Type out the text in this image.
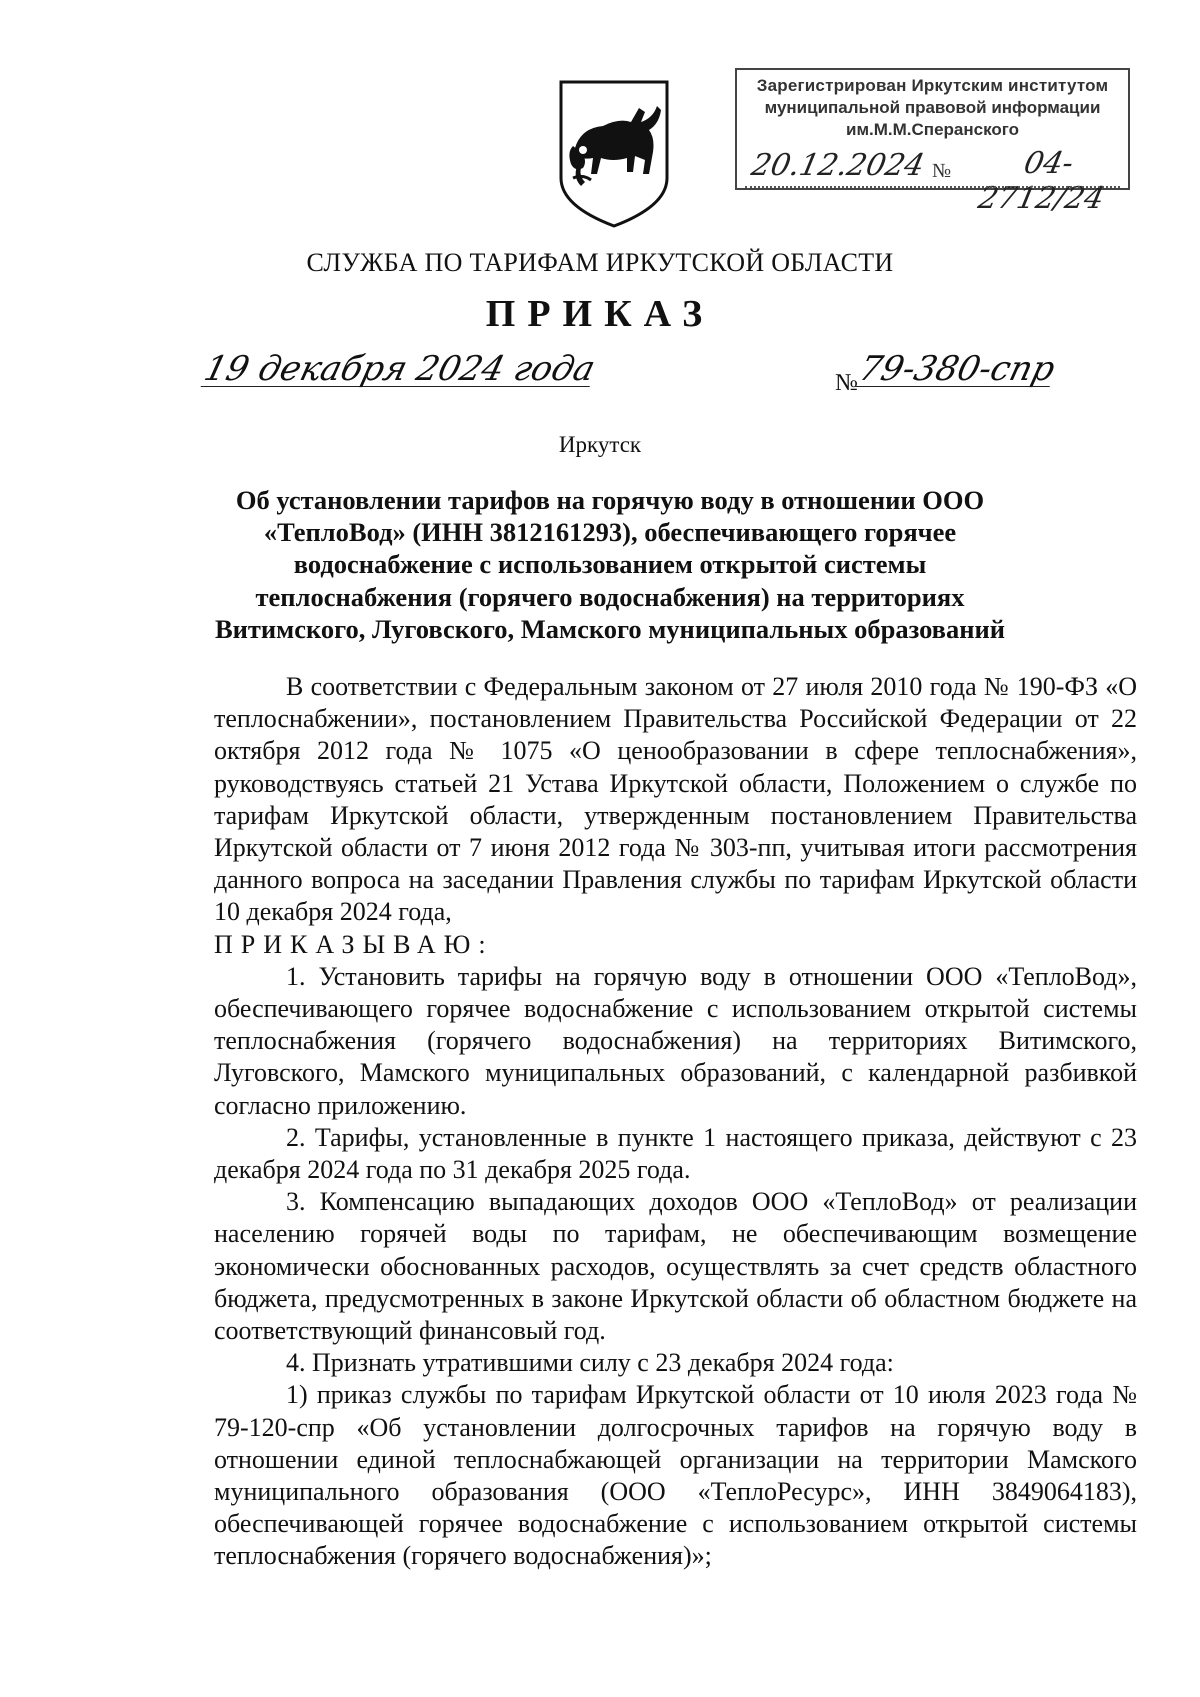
Зарегистрирован Иркутским институтом
муниципальной правовой информации
им.М.М.Сперанского
20.12.2024 №	04-2712/24
СЛУЖБА ПО ТАРИФАМ ИРКУТСКОЙ ОБЛАСТИ
ПРИКАЗ
19 декабря 2024 года	№
79-380-спр
Иркутск
Об установлении тарифов на горячую воду в отношении ООО «ТеплоВод» (ИНН 3812161293), обеспечивающего горячее водоснабжение с использованием открытой системы теплоснабжения (горячего водоснабжения) на территориях Витимского, Луговского, Мамского муниципальных образований

В соответствии с Федеральным законом от 27 июля 2010 года № 190-ФЗ «О теплоснабжении», постановлением Правительства Российской Федерации от 22 октября 2012 года № 1075 «О ценообразовании в сфере теплоснабжения», руководствуясь статьей 21 Устава Иркутской области, Положением о службе по тарифам Иркутской области, утвержденным постановлением Правительства Иркутской области от 7 июня 2012 года № 303-пп, учитывая итоги рассмотрения данного вопроса на заседании Правления службы по тарифам Иркутской области 10 декабря 2024 года,

ПРИКАЗЫВАЮ:

1. Установить тарифы на горячую воду в отношении ООО «ТеплоВод», обеспечивающего горячее водоснабжение с использованием открытой системы теплоснабжения (горячего водоснабжения) на территориях Витимского, Луговского, Мамского муниципальных образований, с календарной разбивкой согласно приложению.

2. Тарифы, установленные в пункте 1 настоящего приказа, действуют с 23 декабря 2024 года по 31 декабря 2025 года.

3. Компенсацию выпадающих доходов ООО «ТеплоВод» от реализации населению горячей воды по тарифам, не обеспечивающим возмещение экономически обоснованных расходов, осуществлять за счет средств областного бюджета, предусмотренных в законе Иркутской области об областном бюджете на соответствующий финансовый год.

4. Признать утратившими силу с 23 декабря 2024 года:

1) приказ службы по тарифам Иркутской области от 10 июля 2023 года № 79-120-спр «Об установлении долгосрочных тарифов на горячую воду в отношении единой теплоснабжающей организации на территории Мамского муниципального образования (ООО «ТеплоРесурс», ИНН 3849064183), обеспечивающей горячее водоснабжение с использованием открытой системы теплоснабжения (горячего водоснабжения)»;
